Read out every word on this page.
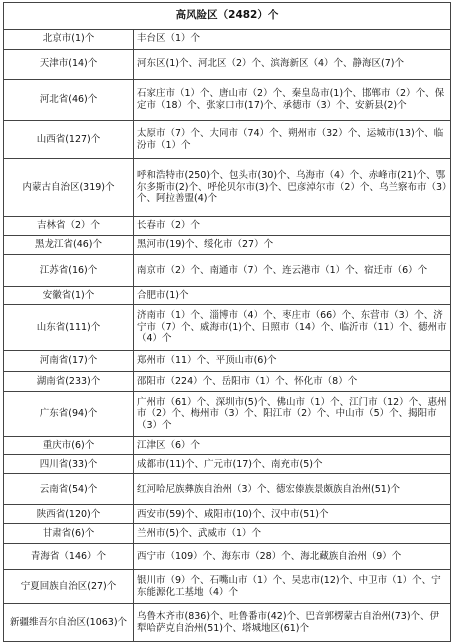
高风险区（2482）个	
北京市(1)个	丰台区（1）个
天津市(14)个	河东区(1)个、河北区（2）个、滨海新区（4）个、静海区(7)个
河北省(46)个	石家庄市（1）个、唐山市（2）个、秦皇岛市(1)个、邯郸市（2）个、保定市（18）个、张家口市(17)个、承德市（3）个、安新县(2)个
山西省(127)个	太原市（7）个、大同市（74）个、朔州市（32）个、运城市(13)个、临汾市（1）个
内蒙古自治区(319)个	呼和浩特市(250)个、包头市(30)个、乌海市（4）个、赤峰市(21)个、鄂尔多斯市(2)个、呼伦贝尔市(3)个、巴彦淖尔市（2）个、乌兰察布市（3）个、阿拉善盟(4)个
吉林省（2）个	长春市（2）个
黑龙江省(46)个	黑河市(19)个、绥化市（27）个
江苏省(16)个	南京市（2）个、南通市（7）个、连云港市（1）个、宿迁市（6）个
安徽省(1)个	合肥市(1)个
山东省(111)个	济南市（1）个、淄博市（4）个、枣庄市（66）个、东营市（3）个、济宁市（7）个、威海市(1)个、日照市（14）个、临沂市（11）个、德州市（4）个
河南省(17)个	郑州市（11）个、平顶山市(6)个
湖南省(233)个	邵阳市（224）个、岳阳市（1）个、怀化市（8）个
广东省(94)个	广州市（61）个、深圳市(5)个、佛山市（1）个、江门市（12）个、惠州市（2）个、梅州市（3）个、阳江市（2）个、中山市（5）个、揭阳市（3）个
重庆市(6)个	江津区（6）个
四川省(33)个	成都市(11)个、广元市(17)个、南充市(5)个
云南省(54)个	红河哈尼族彝族自治州（3）个、德宏傣族景颇族自治州(51)个
陕西省(120)个	西安市(59)个、咸阳市(10)个、汉中市(51)个
甘肃省(6)个	兰州市(5)个、武威市（1）个
青海省（146）个	西宁市（109）个、海东市（28）个、海北藏族自治州（9）个
宁夏回族自治区(27)个	银川市（9）个、石嘴山市（1）个、吴忠市(12)个、中卫市（1）个、宁东能源化工基地（4）个
新疆维吾尔自治区(1063)个	乌鲁木齐市(836)个、吐鲁番市(42)个、巴音郭楞蒙古自治州(73)个、伊犁哈萨克自治州(51)个、塔城地区(61)个
